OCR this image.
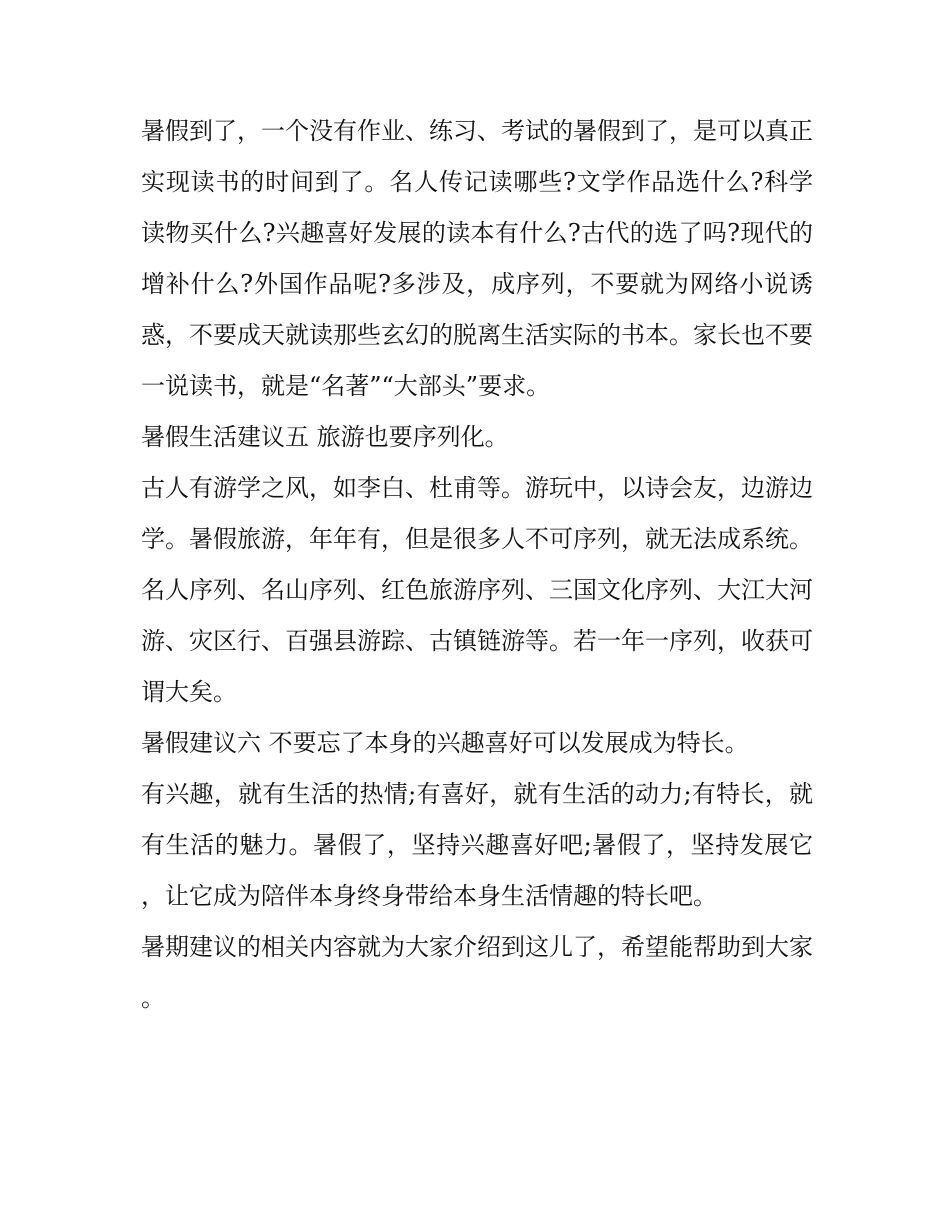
暑假到了，一个没有作业、练习、考试的暑假到了，是可以真正实现读书的时间到了。名人传记读哪些?文学作品选什么?科学读物买什么?兴趣喜好发展的读本有什么?古代的选了吗?现代的增补什么?外国作品呢?多涉及，成序列，不要就为网络小说诱惑，不要成天就读那些玄幻的脱离生活实际的书本。家长也不要一说读书，就是“名著”“大部头”要求。

暑假生活建议五 旅游也要序列化。

古人有游学之风，如李白、杜甫等。游玩中，以诗会友，边游边学。暑假旅游，年年有，但是很多人不可序列，就无法成系统。名人序列、名山序列、红色旅游序列、三国文化序列、大江大河游、灾区行、百强县游踪、古镇链游等。若一年一序列，收获可谓大矣。

暑假建议六 不要忘了本身的兴趣喜好可以发展成为特长。

有兴趣，就有生活的热情;有喜好，就有生活的动力;有特长，就有生活的魅力。暑假了，坚持兴趣喜好吧;暑假了，坚持发展它，让它成为陪伴本身终身带给本身生活情趣的特长吧。

暑期建议的相关内容就为大家介绍到这儿了，希望能帮助到大家。
